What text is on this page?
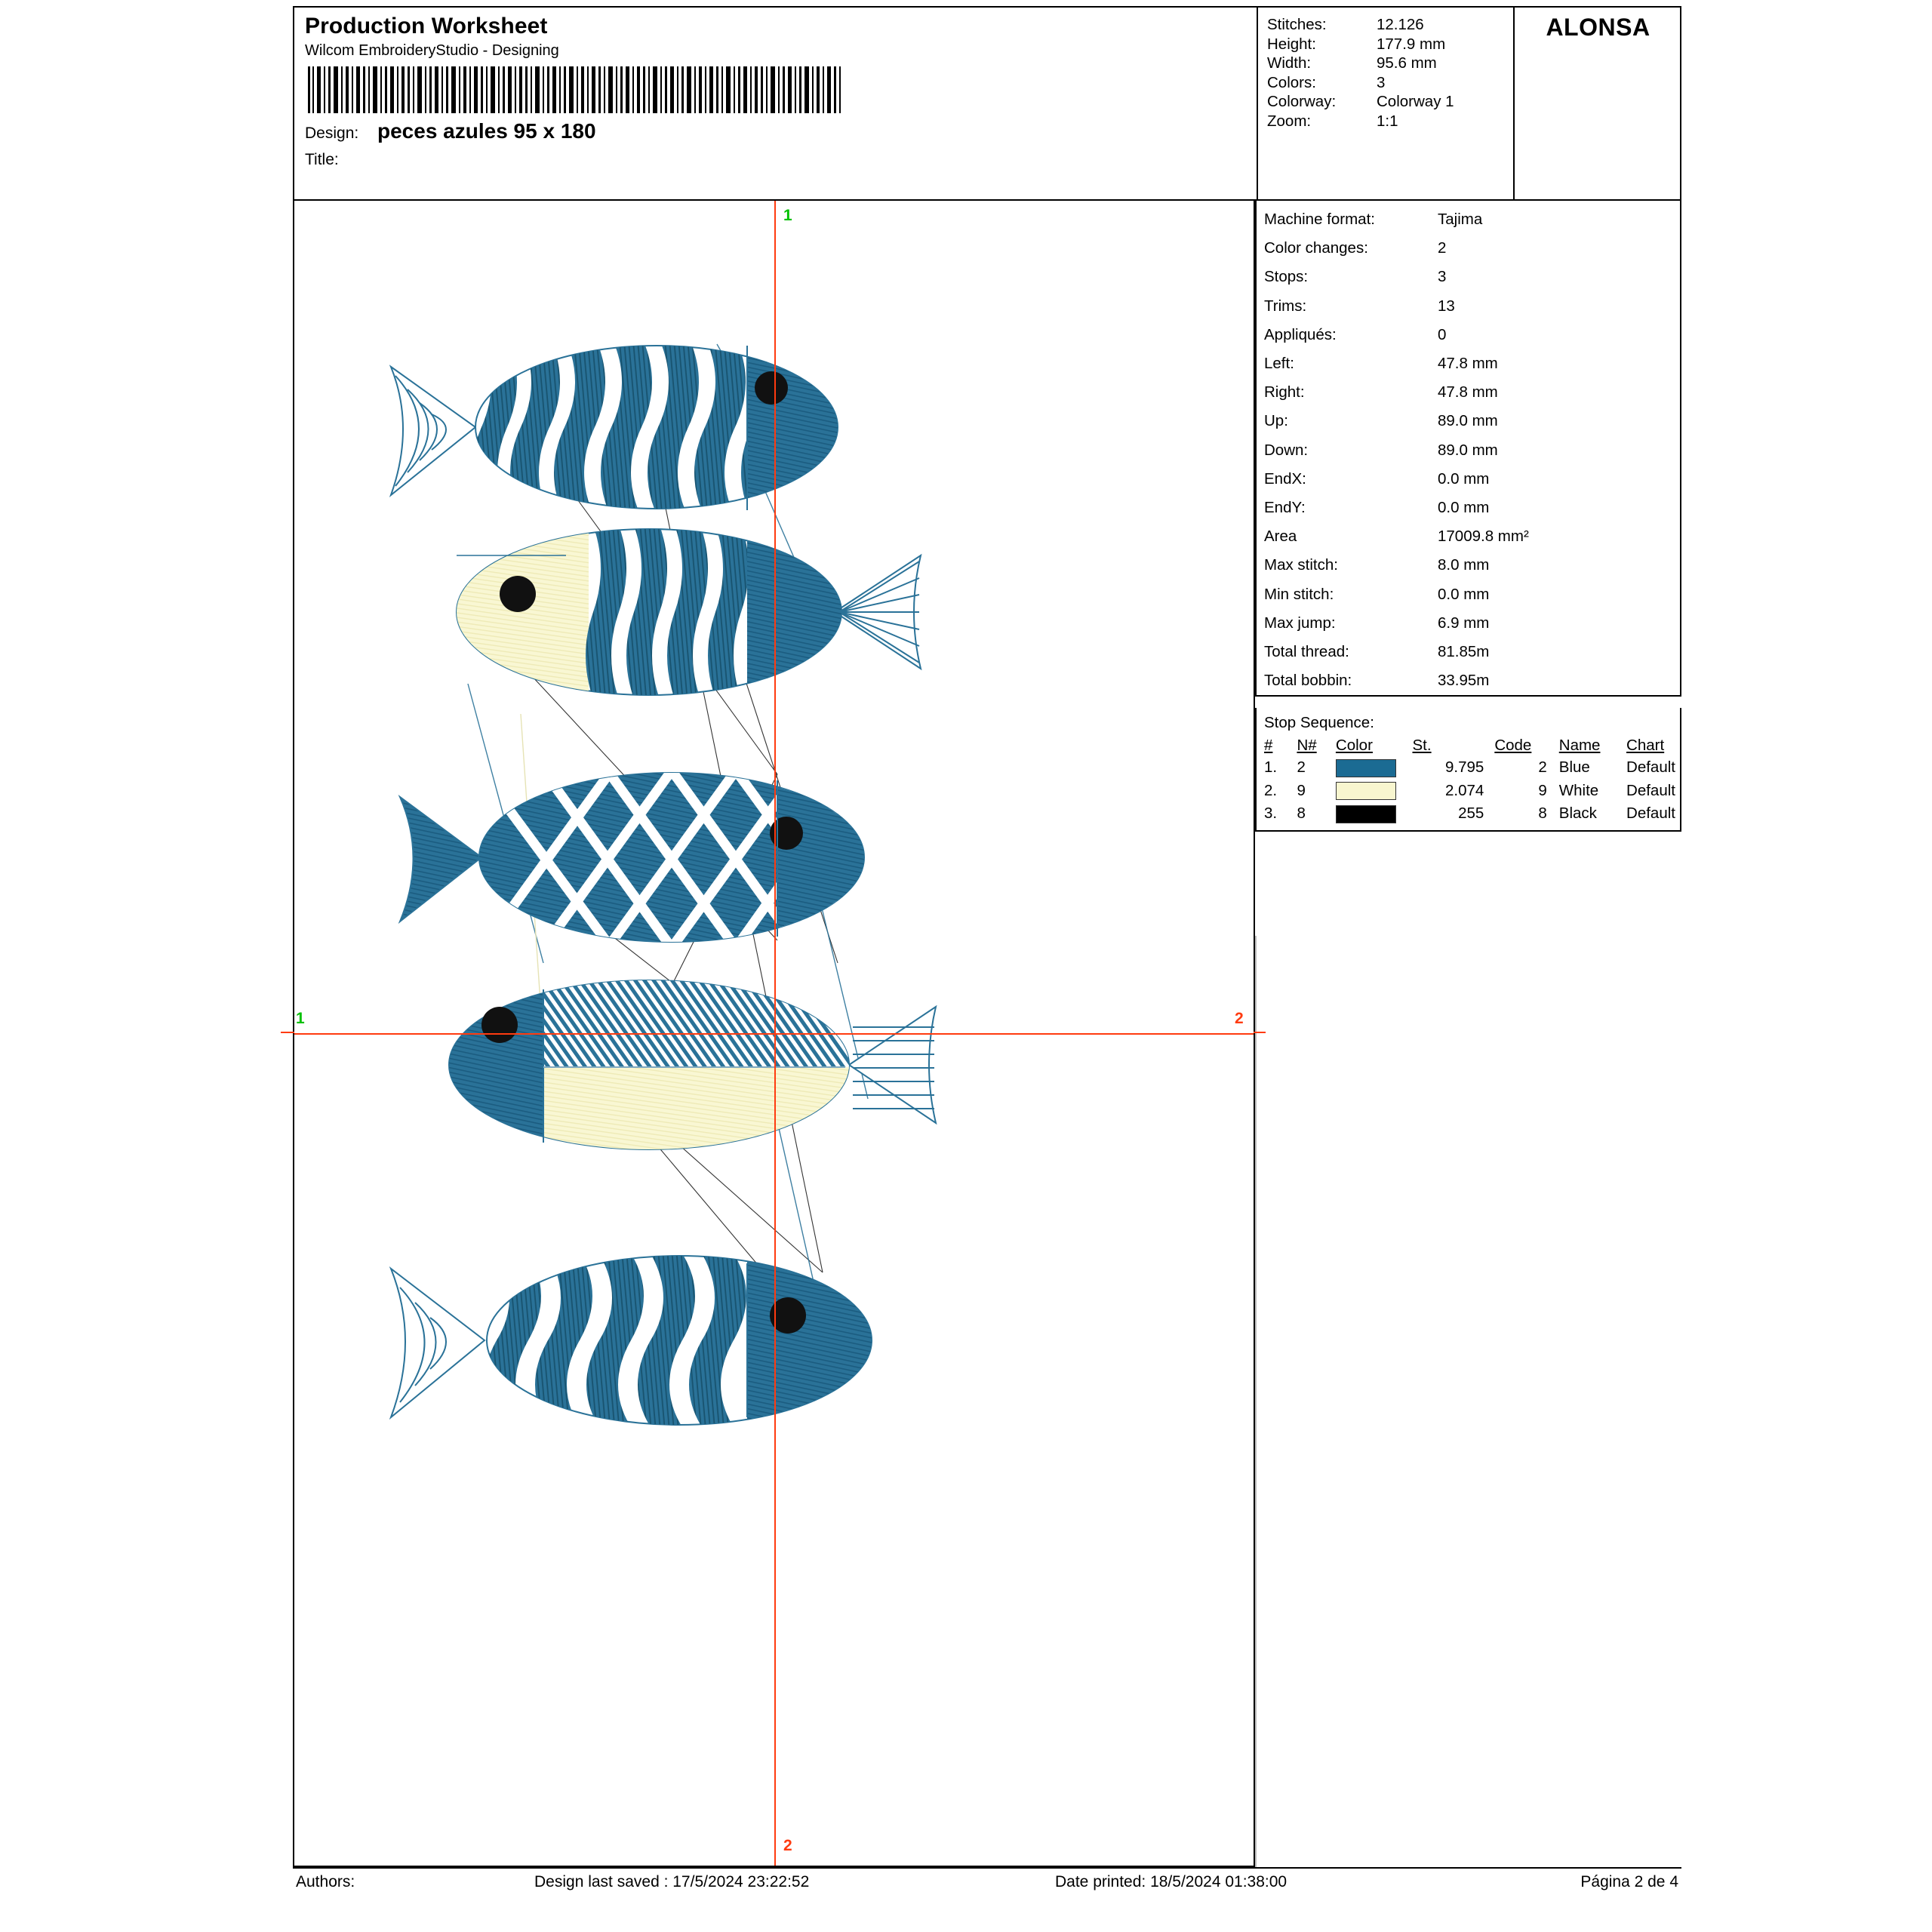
Production Worksheet
Wilcom EmbroideryStudio - Designing
Design: peces azules 95 x 180
Title:
Stitches:	12.126
Height:	177.9 mm
Width:	95.6 mm
Colors:	3
Colorway:	Colorway 1
Zoom:	1:1
ALONSA
Machine format:	Tajima
Color changes:	2
Stops:	3
Trims:	13
Appliqués:	0
Left:	47.8 mm
Right:	47.8 mm
Up:	89.0 mm
Down:	89.0 mm
EndX:	0.0 mm
EndY:	0.0 mm
Area	17009.8 mm²
Max stitch:	8.0 mm
Min stitch:	0.0 mm
Max jump:	6.9 mm
Total thread:	81.85m
Total bobbin:	33.95m
Stop Sequence:
#	N#	Color	St.	Code	Name	Chart
1.	2		9.795	2	Blue	Default
2.	9		2.074	9	White	Default
3.	8		255	8	Black	Default
1
2
1	2
Authors:	Design last saved : 17/5/2024 23:22:52	Date printed: 18/5/2024 01:38:00	Página 2 de 4
